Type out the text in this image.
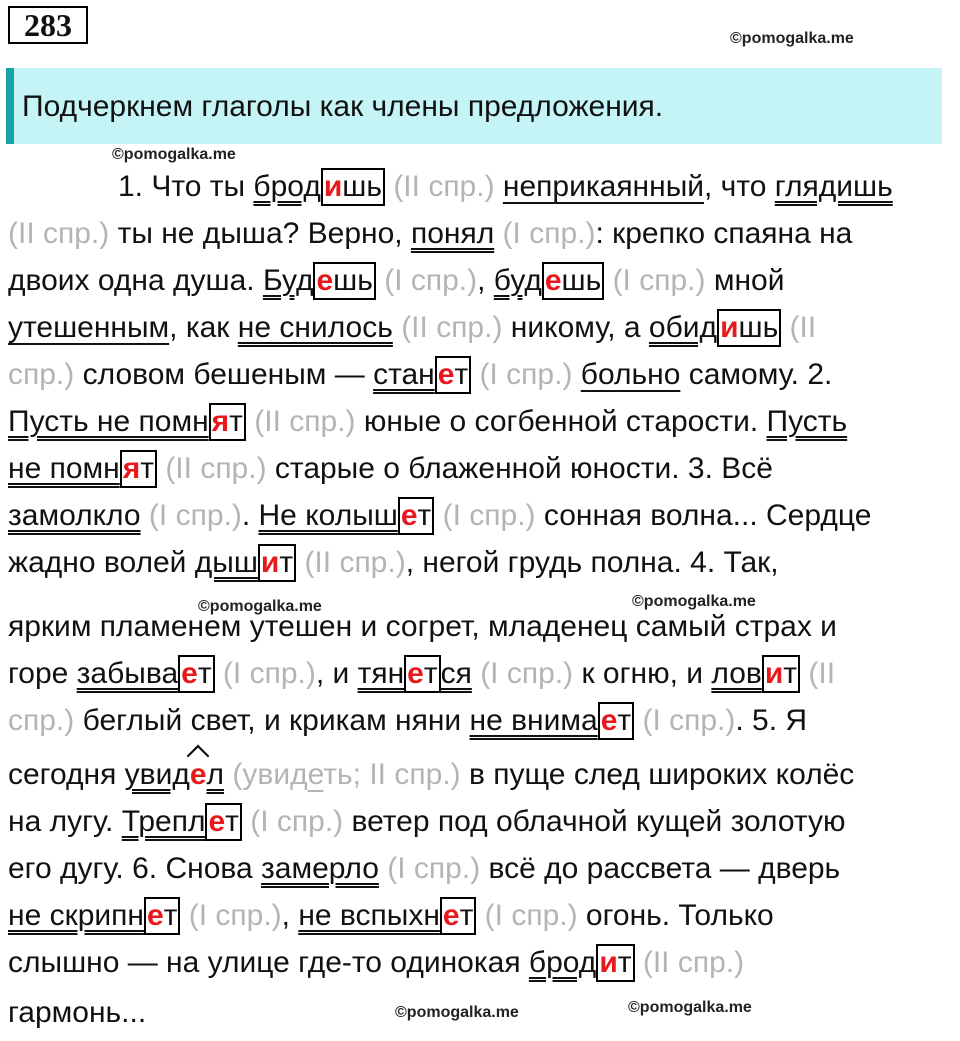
283	©pomogalka.me
Подчеркнем глаголы как члены предложения.
©pomogalka.me
©pomogalka.me	©pomogalka.me
©pomogalka.me	©pomogalka.me
1. Что ты брод ишь (II спр.) неприкаянный, что глядишь
(II спр.) ты не дыша? Верно, понял (I спр.): крепко спаяна на
двоих одна душа. Буд ешь (I спр.), буд ешь (I спр.) мной
утешенным, как не снилось (II спр.) никому, а обид ишь (II
спр.) словом бешеным — стан ет (I спр.) больно самому. 2.
Пусть не помн ят (II спр.) юные о согбенной старости. Пусть
не помн ят (II спр.) старые о блаженной юности. 3. Всё
замолкло (I спр.). Не колыш ет (I спр.) сонная волна... Сердце
жадно волей дыш ит (II спр.), негой грудь полна. 4. Так,
ярким пламенем утешен и согрет, младенец самый страх и
горе забыва ет (I спр.), и тян ет ся (I спр.) к огню, и лов ит (II
спр.) беглый свет, и крикам няни не внима ет (I спр.). 5. Я
сегодня увидел (увидеть; II спр.) в пуще след широких колёс
на лугу. Трепл ет (I спр.) ветер под облачной кущей золотую
его дугу. 6. Снова замерло (I спр.) всё до рассвета — дверь
не скрипн ет (I спр.), не вспыхн ет (I спр.) огонь. Только
слышно — на улице где-то одинокая брод ит (II спр.)
гармонь...
